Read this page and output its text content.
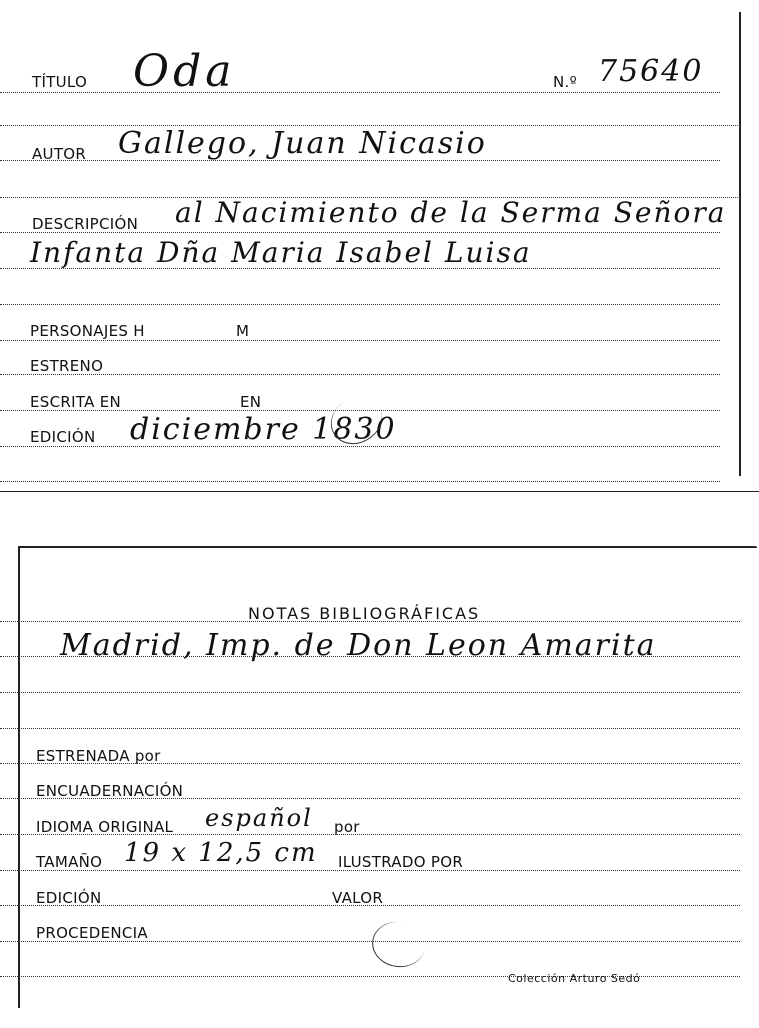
TÍTULO Oda	N.º 75640
AUTOR Gallego, Juan Nicasio
DESCRIPCIÓN al Nacimiento de la Serma Señora
Infanta Dña Maria Isabel Luisa
PERSONAJES H	M
ESTRENO
ESCRITA EN	EN
EDICIÓN diciembre 1830
NOTAS BIBLIOGRÁFICAS
Madrid, Imp. de Don Leon Amarita
ESTRENADA por
ENCUADERNACIÓN
IDIOMA ORIGINAL español por
TAMAÑO 19 x 12,5 cm ILUSTRADO POR
EDICIÓN	VALOR
PROCEDENCIA
Colección Arturo Sedó
